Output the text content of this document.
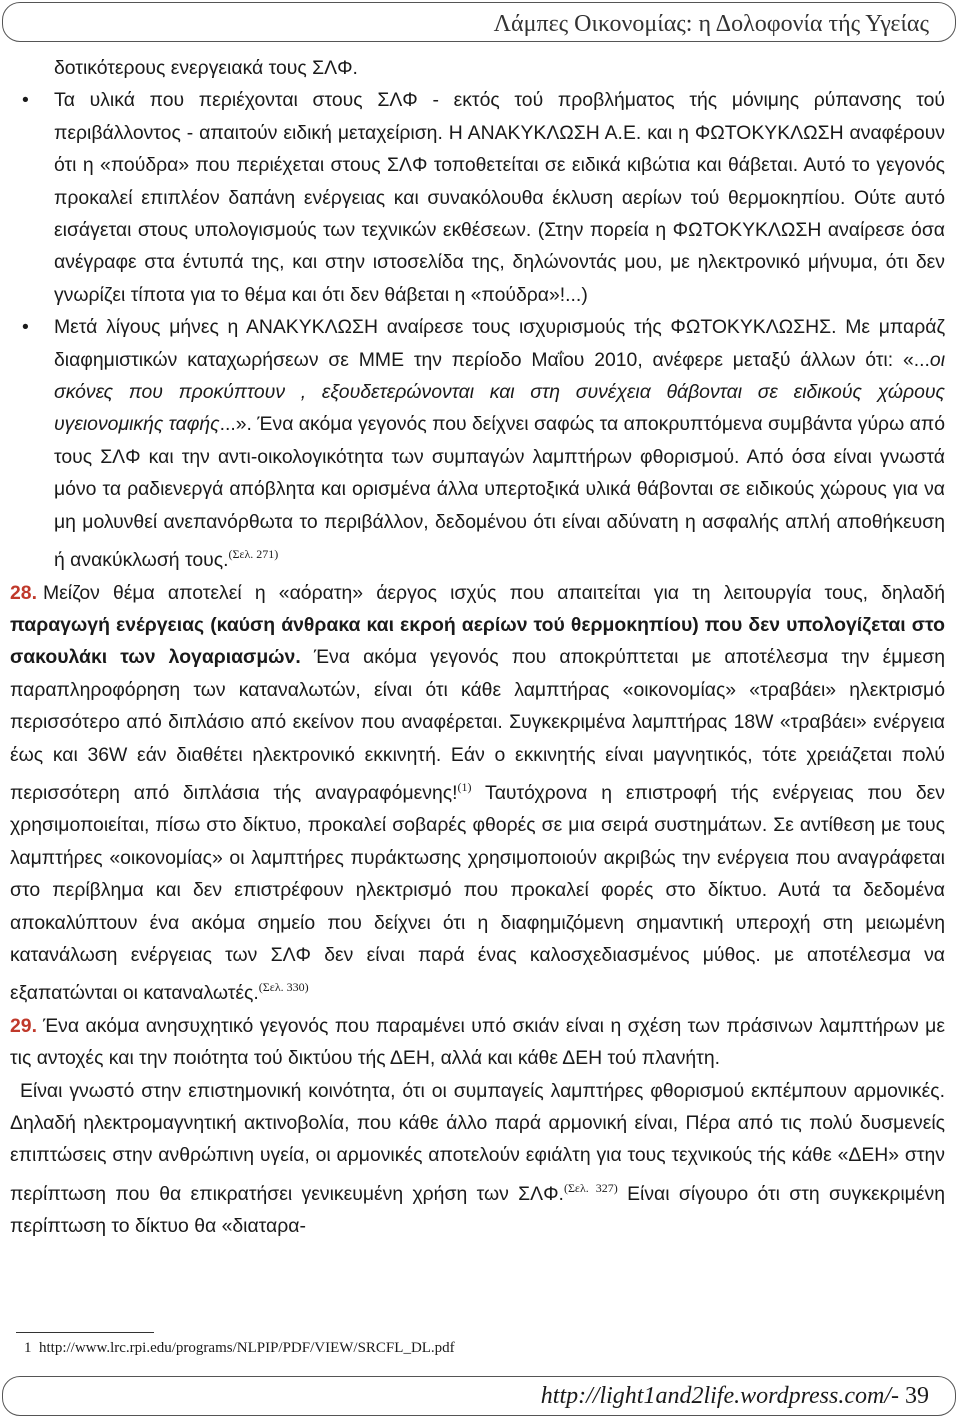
Λάμπες Οικονομίας: η Δολοφονία τής Υγείας

δοτικότερους ενεργειακά τους ΣΛΦ.

• Τα υλικά που περιέχονται στους ΣΛΦ - εκτός τού προβλήματος τής μόνιμης ρύπανσης τού περιβάλλοντος - απαιτούν ειδική μεταχείριση. Η ΑΝΑΚΥΚΛΩΣΗ Α.Ε. και η ΦΩΤΟΚΥΚΛΩΣΗ αναφέρουν ότι η «πούδρα» που περιέχεται στους ΣΛΦ τοποθετείται σε ειδικά κιβώτια και θάβεται. Αυτό το γεγονός προκαλεί επιπλέον δαπάνη ενέργειας και συνακόλουθα έκλυση αερίων τού θερμοκηπίου. Ούτε αυτό εισάγεται στους υπολογισμούς των τεχνικών εκθέσεων. (Στην πορεία η ΦΩΤΟΚΥΚΛΩΣΗ αναίρεσε όσα ανέγραφε στα έντυπά της, και στην ιστοσελίδα της, δηλώνοντάς μου, με ηλεκτρονικό μήνυμα, ότι δεν γνωρίζει τίποτα για το θέμα και ότι δεν θάβεται η «πούδρα»!...)

• Μετά λίγους μήνες η ΑΝΑΚΥΚΛΩΣΗ αναίρεσε τους ισχυρισμούς τής ΦΩΤΟΚΥΚΛΩΣΗΣ. Με μπαράζ διαφημιστικών καταχωρήσεων σε ΜΜΕ την περίοδο Μαΐου 2010, ανέφερε μεταξύ άλλων ότι: «...οι σκόνες που προκύπτουν , εξουδετερώνονται και στη συνέχεια θάβονται σε ειδικούς χώρους υγειονομικής ταφής...». Ένα ακόμα γεγονός που δείχνει σαφώς τα αποκρυπτόμενα συμβάντα γύρω από τους ΣΛΦ και την αντι-οικολογικότητα των συμπαγών λαμπτήρων φθορισμού. Από όσα είναι γνωστά μόνο τα ραδιενεργά απόβλητα και ορισμένα άλλα υπερτοξικά υλικά θάβονται σε ειδικούς χώρους για να μη μολυνθεί ανεπανόρθωτα το περιβάλλον, δεδομένου ότι είναι αδύνατη η ασφαλής απλή αποθήκευση ή ανακύκλωσή τους.$^{(\Sigma\varepsilon\lambda. 271)}$

28. Μείζον θέμα αποτελεί η «αόρατη» άεργος ισχύς που απαιτείται για τη λειτουργία τους, δηλαδή παραγωγή ενέργειας (καύση άνθρακα και εκροή αερίων τού θερμοκηπίου) που δεν υπολογίζεται στο σακουλάκι των λογαριασμών. Ένα ακόμα γεγονός που αποκρύπτεται με αποτέλεσμα την έμμεση παραπληροφόρηση των καταναλωτών, είναι ότι κάθε λαμπτήρας «οικονομίας» «τραβάει» ηλεκτρισμό περισσότερο από διπλάσιο από εκείνον που αναφέρεται. Συγκεκριμένα λαμπτήρας 18W «τραβάει» ενέργεια έως και 36W εάν διαθέτει ηλεκτρονικό εκκινητή. Εάν ο εκκινητής είναι μαγνητικός, τότε χρειάζεται πολύ περισσότερη από διπλάσια τής αναγραφόμενης!$^{(1)}$ Ταυτόχρονα η επιστροφή τής ενέργειας που δεν χρησιμοποιείται, πίσω στο δίκτυο, προκαλεί σοβαρές φθορές σε μια σειρά συστημάτων. Σε αντίθεση με τους λαμπτήρες «οικονομίας» οι λαμπτήρες πυράκτωσης χρησιμοποιούν ακριβώς την ενέργεια που αναγράφεται στο περίβλημα και δεν επιστρέφουν ηλεκτρισμό που προκαλεί φορές στο δίκτυο. Αυτά τα δεδομένα αποκαλύπτουν ένα ακόμα σημείο που δείχνει ότι η διαφημιζόμενη σημαντική υπεροχή στη μειωμένη κατανάλωση ενέργειας των ΣΛΦ δεν είναι παρά ένας καλοσχεδιασμένος μύθος. με αποτέλεσμα να εξαπατώνται οι καταναλωτές.$^{(\Sigma\varepsilon\lambda. 330)}$

29. Ένα ακόμα ανησυχητικό γεγονός που παραμένει υπό σκιάν είναι η σχέση των πράσινων λαμπτήρων με τις αντοχές και την ποιότητα τού δικτύου τής ΔΕΗ, αλλά και κάθε ΔΕΗ τού πλανήτη.

Είναι γνωστό στην επιστημονική κοινότητα, ότι οι συμπαγείς λαμπτήρες φθορισμού εκπέμπουν αρμονικές. Δηλαδή ηλεκτρομαγνητική ακτινοβολία, που κάθε άλλο παρά αρμονική είναι, Πέρα από τις πολύ δυσμενείς επιπτώσεις στην ανθρώπινη υγεία, οι αρμονικές αποτελούν εφιάλτη για τους τεχνικούς τής κάθε «ΔΕΗ» στην περίπτωση που θα επικρατήσει γενικευμένη χρήση των ΣΛΦ.$^{(\Sigma\varepsilon\lambda. 327)}$ Είναι σίγουρο ότι στη συγκεκριμένη περίπτωση το δίκτυο θα «διαταρα-

1 http://www.lrc.rpi.edu/programs/NLPIP/PDF/VIEW/SRCFL_DL.pdf
http://light1and2life.wordpress.com/- 39
